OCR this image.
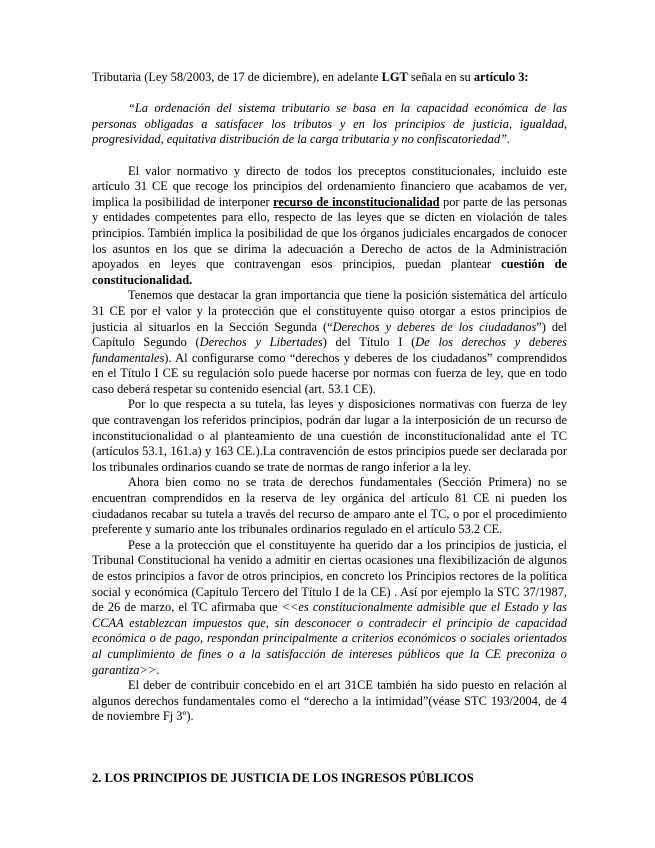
Tributaria (Ley 58/2003, de 17 de diciembre), en adelante LGT señala en su artículo 3:

“La ordenación del sistema tributario se basa en la capacidad económica de las personas obligadas a satisfacer los tributos y en los principios de justicia, igualdad, progresividad, equitativa distribución de la carga tributaria y no confiscatoriedad”.

El valor normativo y directo de todos los preceptos constitucionales, incluido este artículo 31 CE que recoge los principios del ordenamiento financiero que acabamos de ver, implica la posibilidad de interponer recurso de inconstitucionalidad por parte de las personas y entidades competentes para ello, respecto de las leyes que se dicten en violación de tales principios. También implica la posibilidad de que los órganos judiciales encargados de conocer los asuntos en los que se dirima la adecuación a Derecho de actos de la Administración apoyados en leyes que contravengan esos principios, puedan plantear cuestión de constitucionalidad.

Tenemos que destacar la gran importancia que tiene la posición sistemática del artículo 31 CE por el valor y la protección que el constituyente quiso otorgar a estos principios de justicia al situarlos en la Sección Segunda (“Derechos y deberes de los ciudadanos”) del Capítulo Segundo (Derechos y Libertades) del Título I (De los derechos y deberes fundamentales). Al configurarse como “derechos y deberes de los ciudadanos” comprendidos en el Título I CE su regulación solo puede hacerse por normas con fuerza de ley, que en todo caso deberá respetar su contenido esencial (art. 53.1 CE).

Por lo que respecta a su tutela, las leyes y disposiciones normativas con fuerza de ley que contravengan los referidos principios, podrán dar lugar a la interposición de un recurso de inconstitucionalidad o al planteamiento de una cuestión de inconstitucionalidad ante el TC (artículos 53.1, 161.a) y 163 CE.).La contravención de estos principios puede ser declarada por los tribunales ordinarios cuando se trate de normas de rango inferior a la ley.

Ahora bien como no se trata de derechos fundamentales (Sección Primera) no se encuentran comprendidos en la reserva de ley orgánica del artículo 81 CE ni pueden los ciudadanos recabar su tutela a través del recurso de amparo ante el TC, o por el procedimiento preferente y sumario ante los tribunales ordinarios regulado en el artículo 53.2 CE.

Pese a la protección que el constituyente ha querido dar a los principios de justicia, el Tribunal Constitucional ha venido a admitir en ciertas ocasiones una flexibilización de algunos de estos principios a favor de otros principios, en concreto los Principios rectores de la política social y económica (Capítulo Tercero del Título I de la CE) . Así por ejemplo la STC 37/1987, de 26 de marzo, el TC afirmaba que <<es constitucionalmente admisible que el Estado y las CCAA establezcan impuestos que, sin desconocer o contradecir el principio de capacidad económica o de pago, respondan principalmente a criterios económicos o sociales orientados al cumplimiento de fines o a la satisfacción de intereses públicos que la CE preconiza o garantiza>>.

El deber de contribuir concebido en el art 31CE también ha sido puesto en relación al algunos derechos fundamentales como el “derecho a la intimidad”(véase STC 193/2004, de 4 de noviembre Fj 3º).

2. LOS PRINCIPIOS DE JUSTICIA DE LOS INGRESOS PÚBLICOS
